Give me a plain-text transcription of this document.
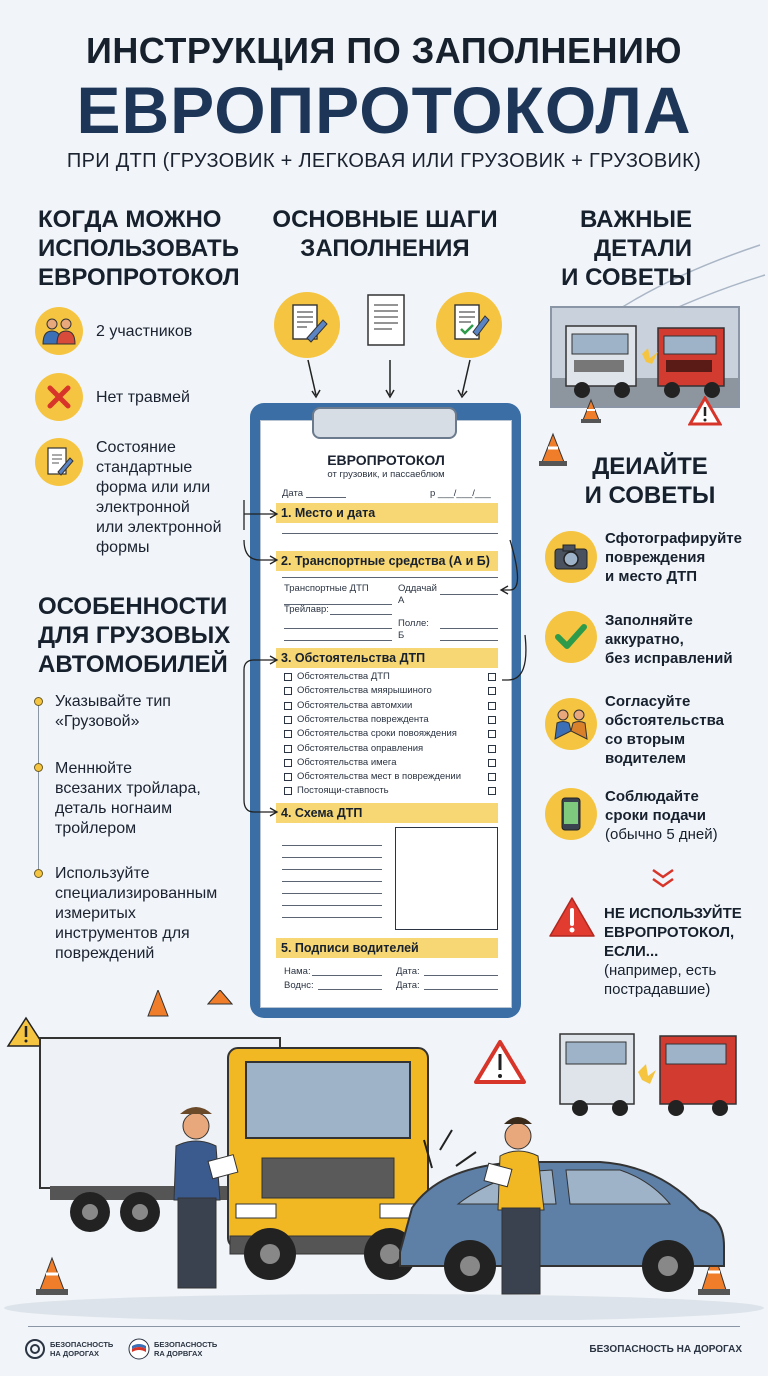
ИНСТРУКЦИЯ ПО ЗАПОЛНЕНИЮ
ЕВРОПРОТОКОЛА
ПРИ ДТП (ГРУЗОВИК + ЛЕГКОВАЯ ИЛИ ГРУЗОВИК + ГРУЗОВИК)
КОГДА МОЖНО
ИСПОЛЬЗОВАТЬ
ЕВРОПРОТОКОЛ
2 участников
Нет травмей
Состояние
стандартные
форма или или
электронной
или электронной
формы
ОСОБЕННОСТИ
ДЛЯ ГРУЗОВЫХ
АВТОМОБИЛЕЙ
Указывайте тип
«Грузовой»
Меннюйте
всезаних тройлара,
деталь ногнаим
тройлером
Используйте
специализированным
измеритых
инструментов для
повреждений
ОСНОВНЫЕ ШАГИ
ЗАПОЛНЕНИЯ
ЕВРОПРОТОКОЛ
от грузовик, и пассаеблюм
Дата	р ___/___/___
1. Место и дата
2. Транспортные средства (А и Б)
Транспортные ДТП	Оддачай
А
Трейлавр:
Полле:
Б
3. Обстоятельства ДТП
Обстоятельства ДТП
Обстоятельства мяярышиного
Обстоятельства автомхии
Обстоятельства повреждента
Обстоятельства сроки повояждения
Обстоятельства оправления
Обстоятельства имега
Обстоятельства мест в повреждении
Постоящи-ставпость
4. Схема ДТП
5. Подписи водителей
Нама:	Дата:
Воднс:	Дата:
ВАЖНЫЕ
ДЕТАЛИ
И СОВЕТЫ
ДЕИАЙТЕ
И СОВЕТЫ
Сфотографируйте
повреждения
и место ДТП
Заполняйте
аккуратно,
без исправлений
Согласуйте
обстоятельства
со вторым
водителем
Соблюдайте
сроки подачи
(обычно 5 дней)
НЕ ИСПОЛЬЗУЙТЕ
ЕВРОПРОТОКОЛ,
ЕСЛИ...
(например, есть
пострадавшие)
БЕЗОПАСНОСТЬ
НА ДОРОГАХ
БЕЗОПАСНОСТЬ
RA ДОРВГАХ	БЕЗОПАСНОСТЬ НА ДОРОГАХ
